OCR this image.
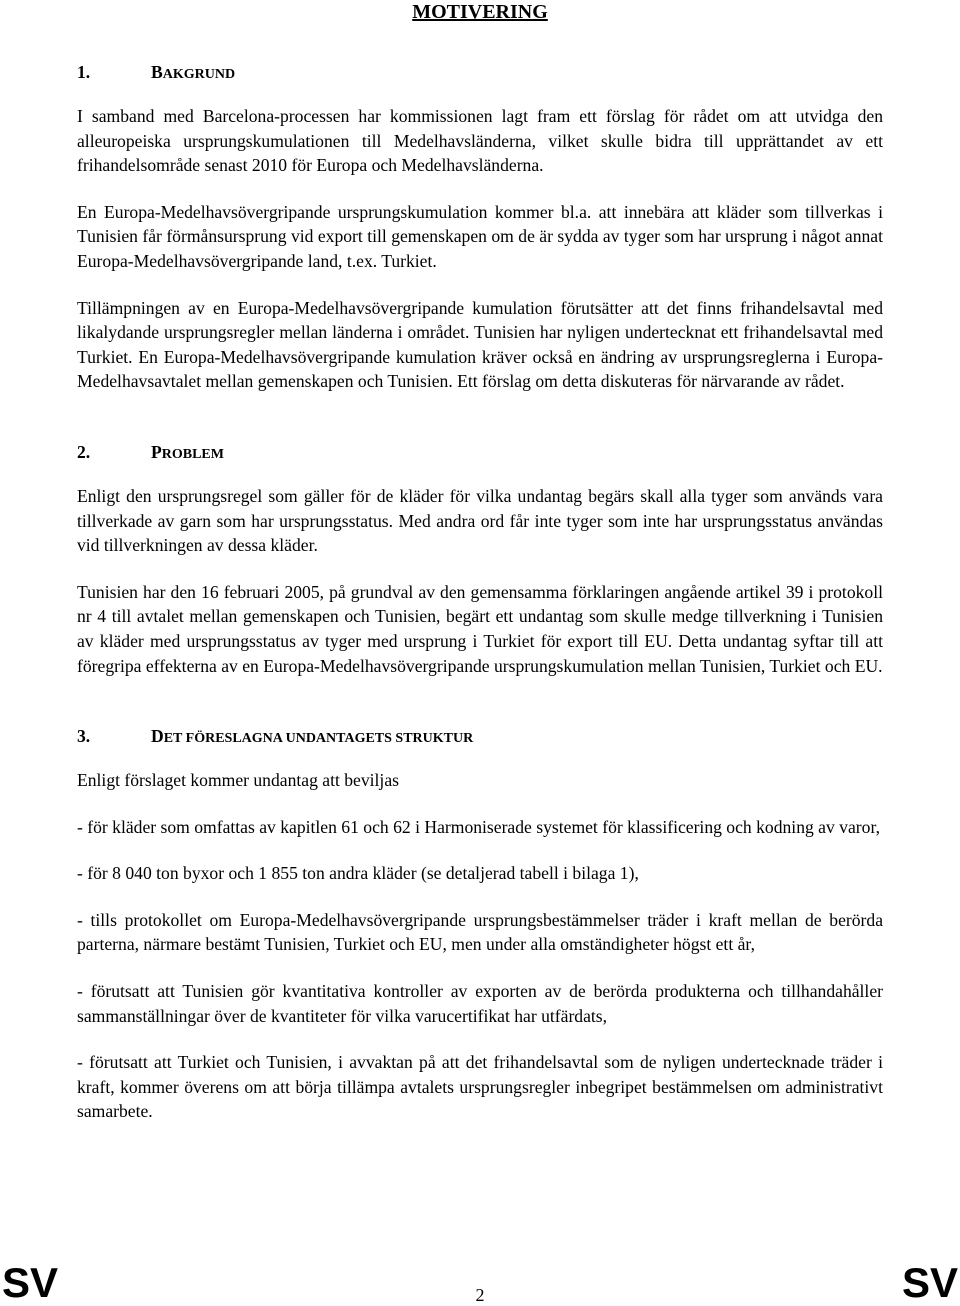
MOTIVERING
1.	BAKGRUND

I samband med Barcelona-processen har kommissionen lagt fram ett förslag för rådet om att utvidga den alleuropeiska ursprungskumulationen till Medelhavsländerna, vilket skulle bidra till upprättandet av ett frihandelsområde senast 2010 för Europa och Medelhavsländerna.

En Europa-Medelhavsövergripande ursprungskumulation kommer bl.a. att innebära att kläder som tillverkas i Tunisien får förmånsursprung vid export till gemenskapen om de är sydda av tyger som har ursprung i något annat Europa-Medelhavsövergripande land, t.ex. Turkiet.

Tillämpningen av en Europa-Medelhavsövergripande kumulation förutsätter att det finns frihandelsavtal med likalydande ursprungsregler mellan länderna i området. Tunisien har nyligen undertecknat ett frihandelsavtal med Turkiet. En Europa-Medelhavsövergripande kumulation kräver också en ändring av ursprungsreglerna i Europa-Medelhavsavtalet mellan gemenskapen och Tunisien. Ett förslag om detta diskuteras för närvarande av rådet.

2.	PROBLEM

Enligt den ursprungsregel som gäller för de kläder för vilka undantag begärs skall alla tyger som används vara tillverkade av garn som har ursprungsstatus. Med andra ord får inte tyger som inte har ursprungsstatus användas vid tillverkningen av dessa kläder.

Tunisien har den 16 februari 2005, på grundval av den gemensamma förklaringen angående artikel 39 i protokoll nr 4 till avtalet mellan gemenskapen och Tunisien, begärt ett undantag som skulle medge tillverkning i Tunisien av kläder med ursprungsstatus av tyger med ursprung i Turkiet för export till EU. Detta undantag syftar till att föregripa effekterna av en Europa-Medelhavsövergripande ursprungskumulation mellan Tunisien, Turkiet och EU.

3.	DET FÖRESLAGNA UNDANTAGETS STRUKTUR

Enligt förslaget kommer undantag att beviljas

- för kläder som omfattas av kapitlen 61 och 62 i Harmoniserade systemet för klassificering och kodning av varor,

- för 8 040 ton byxor och 1 855 ton andra kläder (se detaljerad tabell i bilaga 1),

- tills protokollet om Europa-Medelhavsövergripande ursprungsbestämmelser träder i kraft mellan de berörda parterna, närmare bestämt Tunisien, Turkiet och EU, men under alla omständigheter högst ett år,

- förutsatt att Tunisien gör kvantitativa kontroller av exporten av de berörda produkterna och tillhandahåller sammanställningar över de kvantiteter för vilka varucertifikat har utfärdats,

- förutsatt att Turkiet och Tunisien, i avvaktan på att det frihandelsavtal som de nyligen undertecknade träder i kraft, kommer överens om att börja tillämpa avtalets ursprungsregler inbegripet bestämmelsen om administrativt samarbete.

SV	2	SV
